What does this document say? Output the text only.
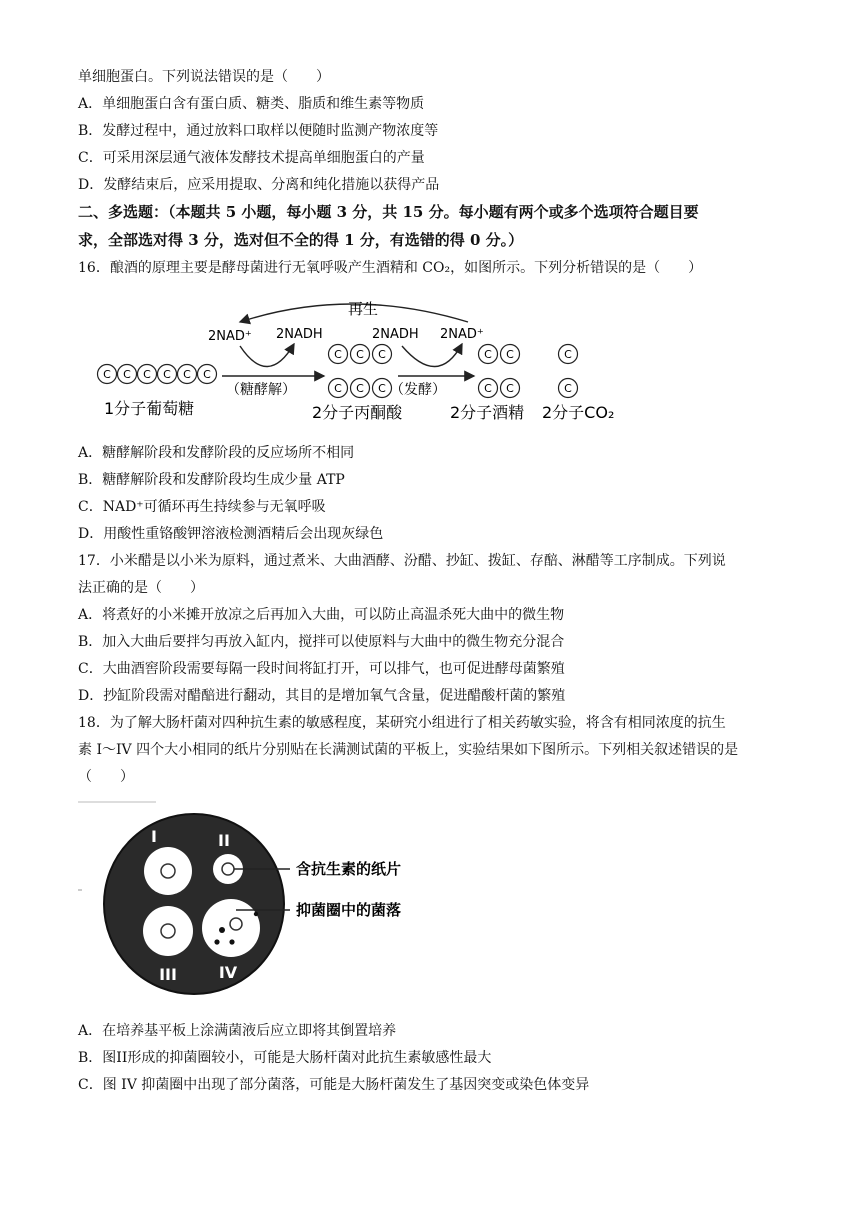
单细胞蛋白。下列说法错误的是（　　）
A．单细胞蛋白含有蛋白质、糖类、脂质和维生素等物质
B．发酵过程中，通过放料口取样以便随时监测产物浓度等
C．可采用深层通气液体发酵技术提高单细胞蛋白的产量
D．发酵结束后，应采用提取、分离和纯化措施以获得产品
二、多选题：（本题共 5 小题，每小题 3 分，共 15 分。每小题有两个或多个选项符合题目要
求，全部选对得 3 分，选对但不全的得 1 分，有选错的得 0 分。）
16．酿酒的原理主要是酵母菌进行无氧呼吸产生酒精和 CO₂，如图所示。下列分析错误的是（　　）
再生
2NAD⁺ 2NADH	2NADH 2NAD⁺
C C C C C C
（糖酵解）
C C C
C C C （发酵）
C C
C C
C
C
1分子葡萄糖	2分子丙酮酸	2分子酒精 2分子CO₂
A．糖酵解阶段和发酵阶段的反应场所不相同
B．糖酵解阶段和发酵阶段均生成少量 ATP
C．NAD⁺可循环再生持续参与无氧呼吸
D．用酸性重铬酸钾溶液检测酒精后会出现灰绿色
17．小米醋是以小米为原料，通过煮米、大曲酒酵、汾醋、抄缸、拨缸、存醅、淋醋等工序制成。下列说
法正确的是（　　）
A．将煮好的小米摊开放凉之后再加入大曲，可以防止高温杀死大曲中的微生物
B．加入大曲后要拌匀再放入缸内，搅拌可以使原料与大曲中的微生物充分混合
C．大曲酒窖阶段需要每隔一段时间将缸打开，可以排气，也可促进酵母菌繁殖
D．抄缸阶段需对醋醅进行翻动，其目的是增加氧气含量，促进醋酸杆菌的繁殖
18．为了解大肠杆菌对四种抗生素的敏感程度，某研究小组进行了相关药敏实验，将含有相同浓度的抗生
素 I～IV 四个大小相同的纸片分别贴在长满测试菌的平板上，实验结果如下图所示。下列相关叙述错误的是
（　　）
I	II
III	IV
含抗生素的纸片
抑菌圈中的菌落
A．在培养基平板上涂满菌液后应立即将其倒置培养
B．图II形成的抑菌圈较小，可能是大肠杆菌对此抗生素敏感性最大
C．图 IV 抑菌圈中出现了部分菌落，可能是大肠杆菌发生了基因突变或染色体变异
